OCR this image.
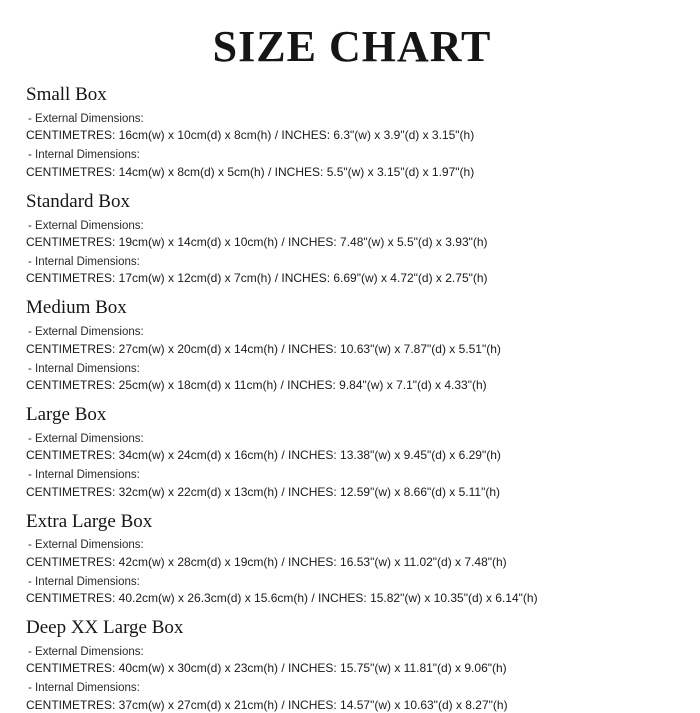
SIZE CHART
Small Box

- External Dimensions:

CENTIMETRES: 16cm(w) x 10cm(d) x 8cm(h) / INCHES: 6.3"(w) x 3.9"(d) x 3.15"(h)

- Internal Dimensions:

CENTIMETRES: 14cm(w) x 8cm(d) x 5cm(h) / INCHES: 5.5"(w) x 3.15"(d) x 1.97"(h)

Standard Box

- External Dimensions:

CENTIMETRES: 19cm(w) x 14cm(d) x 10cm(h) / INCHES: 7.48"(w) x 5.5"(d) x 3.93"(h)

- Internal Dimensions:

CENTIMETRES: 17cm(w) x 12cm(d) x 7cm(h) / INCHES: 6.69"(w) x 4.72"(d) x 2.75"(h)

Medium Box

- External Dimensions:

CENTIMETRES: 27cm(w) x 20cm(d) x 14cm(h) / INCHES: 10.63"(w) x 7.87"(d) x 5.51"(h)

- Internal Dimensions:

CENTIMETRES: 25cm(w) x 18cm(d) x 11cm(h) / INCHES: 9.84"(w) x 7.1"(d) x 4.33"(h)

Large Box

- External Dimensions:

CENTIMETRES: 34cm(w) x 24cm(d) x 16cm(h) / INCHES: 13.38"(w) x 9.45"(d) x 6.29"(h)

- Internal Dimensions:

CENTIMETRES: 32cm(w) x 22cm(d) x 13cm(h) / INCHES: 12.59"(w) x 8.66"(d) x 5.11"(h)

Extra Large Box

- External Dimensions:

CENTIMETRES: 42cm(w) x 28cm(d) x 19cm(h) / INCHES: 16.53"(w) x 11.02"(d) x 7.48"(h)

- Internal Dimensions:

CENTIMETRES: 40.2cm(w) x 26.3cm(d) x 15.6cm(h) / INCHES: 15.82"(w) x 10.35"(d) x 6.14"(h)

Deep XX Large Box

- External Dimensions:

CENTIMETRES: 40cm(w) x 30cm(d) x 23cm(h) / INCHES: 15.75"(w) x 11.81"(d) x 9.06"(h)

- Internal Dimensions:

CENTIMETRES: 37cm(w) x 27cm(d) x 21cm(h) / INCHES: 14.57"(w) x 10.63"(d) x 8.27"(h)
